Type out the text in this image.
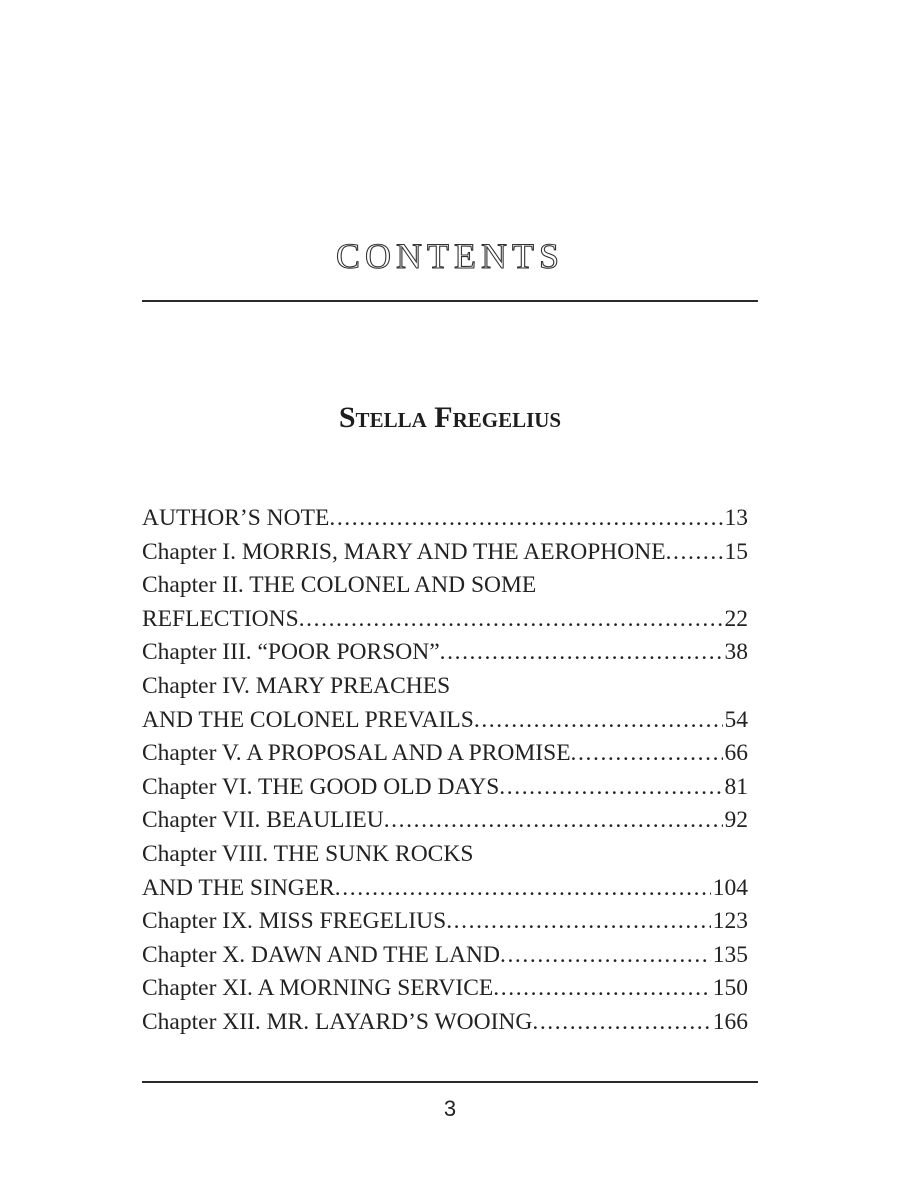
CONTENTS
Stella Fregelius
AUTHOR’S NOTE .....	13
Chapter I. MORRIS, MARY AND THE AEROPHONE .....	15
Chapter II. THE COLONEL AND SOME
REFLECTIONS .....	22
Chapter III. “POOR PORSON” .....	38
Chapter IV. MARY PREACHES
AND THE COLONEL PREVAILS .....	54
Chapter V. A PROPOSAL AND A PROMISE .....	66
Chapter VI. THE GOOD OLD DAYS .....	81
Chapter VII. BEAULIEU .....	92
Chapter VIII. THE SUNK ROCKS
AND THE SINGER .....	104
Chapter IX. MISS FREGELIUS .....	123
Chapter X. DAWN AND THE LAND .....	135
Chapter XI. A MORNING SERVICE .....	150
Chapter XII. MR. LAYARD’S WOOING .....	166
3
